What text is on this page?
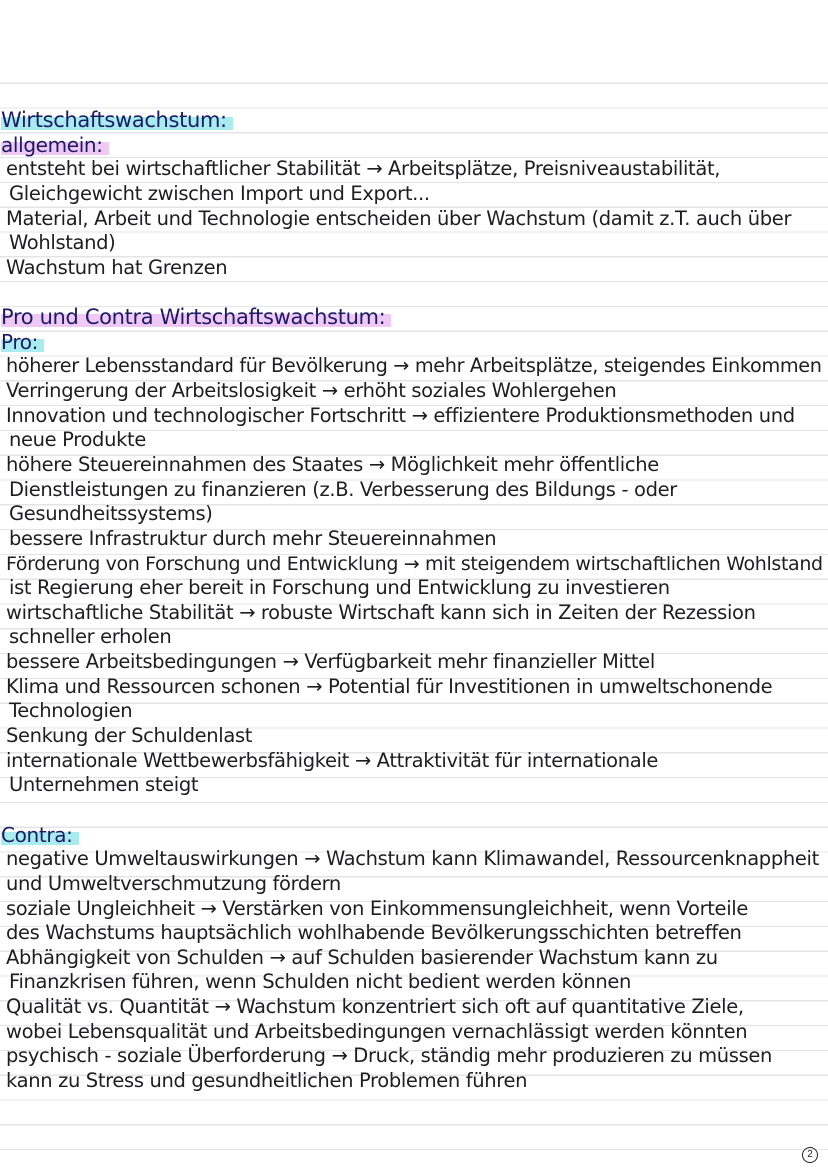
Wirtschaftswachstum:
allgemein:
entsteht bei wirtschaftlicher Stabilität → Arbeitsplätze, Preisniveaustabilität,
Gleichgewicht zwischen Import und Export...
Material, Arbeit und Technologie entscheiden über Wachstum (damit z.T. auch über
Wohlstand)
Wachstum hat Grenzen
Pro und Contra Wirtschaftswachstum:
Pro:
höherer Lebensstandard für Bevölkerung → mehr Arbeitsplätze, steigendes Einkommen
Verringerung der Arbeitslosigkeit → erhöht soziales Wohlergehen
Innovation und technologischer Fortschritt → effizientere Produktionsmethoden und
neue Produkte
höhere Steuereinnahmen des Staates → Möglichkeit mehr öffentliche
Dienstleistungen zu finanzieren (z.B. Verbesserung des Bildungs - oder
Gesundheitssystems)
bessere Infrastruktur durch mehr Steuereinnahmen
Förderung von Forschung und Entwicklung → mit steigendem wirtschaftlichen Wohlstand
ist Regierung eher bereit in Forschung und Entwicklung zu investieren
wirtschaftliche Stabilität → robuste Wirtschaft kann sich in Zeiten der Rezession
schneller erholen
bessere Arbeitsbedingungen → Verfügbarkeit mehr finanzieller Mittel
Klima und Ressourcen schonen → Potential für Investitionen in umweltschonende
Technologien
Senkung der Schuldenlast
internationale Wettbewerbsfähigkeit → Attraktivität für internationale
Unternehmen steigt
Contra:
negative Umweltauswirkungen → Wachstum kann Klimawandel, Ressourcenknappheit
und Umweltverschmutzung fördern
soziale Ungleichheit → Verstärken von Einkommensungleichheit, wenn Vorteile
des Wachstums hauptsächlich wohlhabende Bevölkerungsschichten betreffen
Abhängigkeit von Schulden → auf Schulden basierender Wachstum kann zu
Finanzkrisen führen, wenn Schulden nicht bedient werden können
Qualität vs. Quantität → Wachstum konzentriert sich oft auf quantitative Ziele,
wobei Lebensqualität und Arbeitsbedingungen vernachlässigt werden könnten
psychisch - soziale Überforderung → Druck, ständig mehr produzieren zu müssen
kann zu Stress und gesundheitlichen Problemen führen
2
